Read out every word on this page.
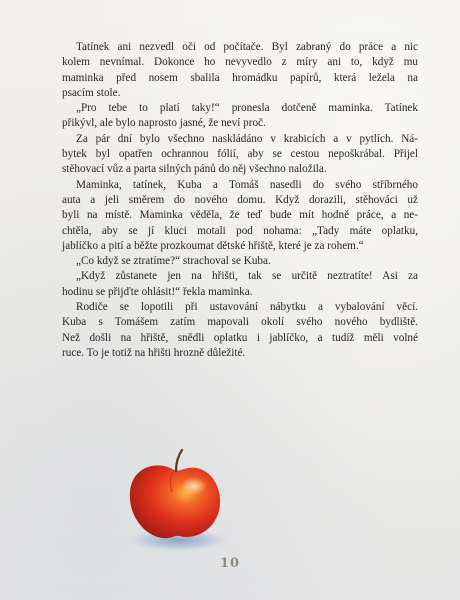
Tatínek ani nezvedl oči od počítače. Byl zabraný do práce a nic
kolem nevnímal. Dokonce ho nevyvedlo z míry ani to, když mu
maminka před nosem sbalila hromádku papírů, která ležela na
psacím stole.
„Pro tebe to platí taky!“ pronesla dotčeně maminka. Tatínek
přikývl, ale bylo naprosto jasné, že neví proč.
Za pár dní bylo všechno naskládáno v krabicích a v pytlích. Ná-
bytek byl opatřen ochrannou fólií, aby se cestou nepoškrábal. Přijel
stěhovací vůz a parta silných pánů do něj všechno naložila.
Maminka, tatínek, Kuba a Tomáš nasedli do svého stříbrného
auta a jeli směrem do nového domu. Když dorazili, stěhováci už
byli na místě. Maminka věděla, že teď bude mít hodně práce, a ne-
chtěla, aby se jí kluci motali pod nohama: „Tady máte oplatku,
jablíčko a pití a běžte prozkoumat dětské hřiště, které je za rohem.“
„Co když se ztratíme?“ strachoval se Kuba.
„Když zůstanete jen na hřišti, tak se určitě neztratíte! Asi za
hodinu se přijďte ohlásit!“ řekla maminka.
Rodiče se lopotili při ustavování nábytku a vybalování věcí.
Kuba s Tomášem zatím mapovali okolí svého nového bydliště.
Než došli na hřiště, snědli oplatku i jablíčko, a tudíž měli volné
ruce. To je totiž na hřišti hrozně důležité.
10
